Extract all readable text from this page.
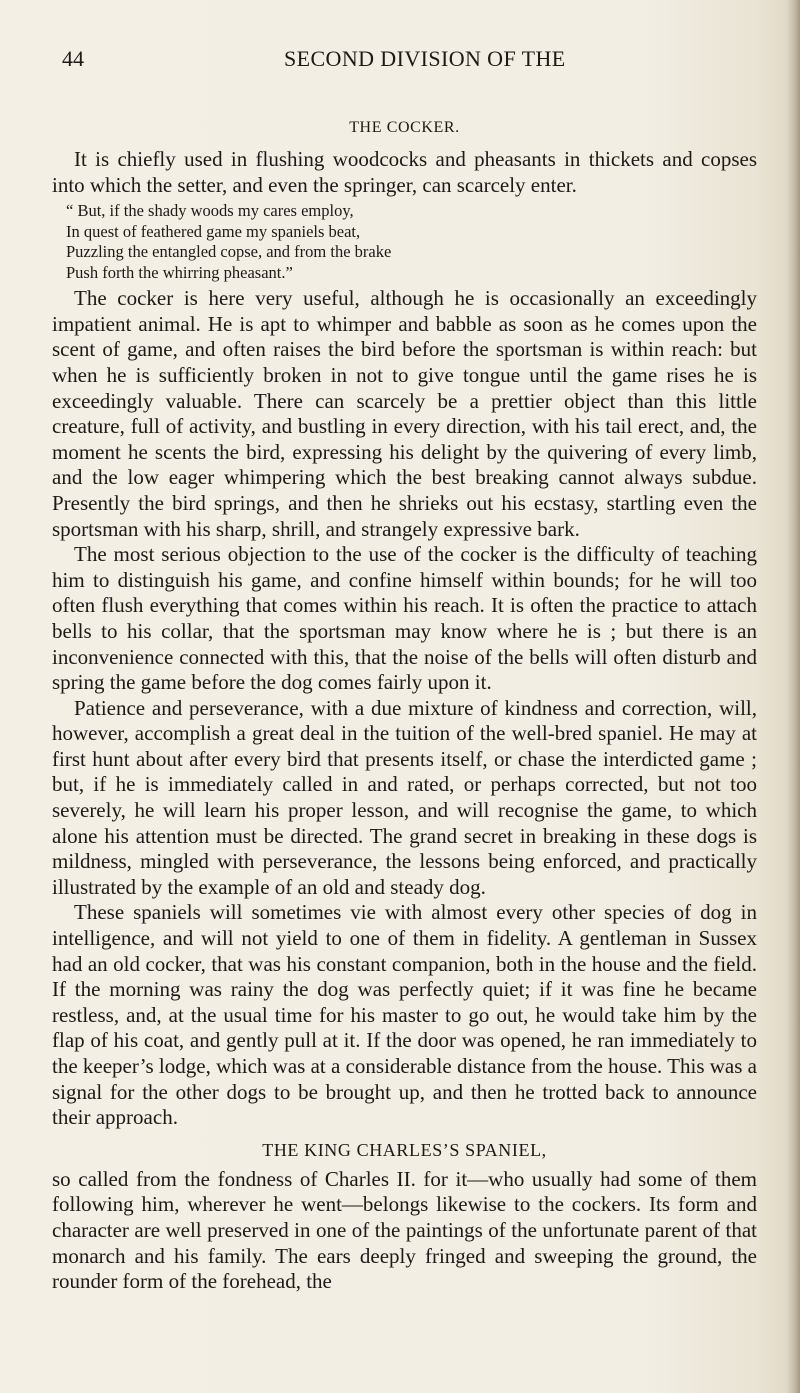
44	SECOND DIVISION OF THE
THE COCKER.

It is chiefly used in flushing woodcocks and pheasants in thickets and copses into which the setter, and even the springer, can scarcely enter.

“ But, if the shady woods my cares employ,
In quest of feathered game my spaniels beat,
Puzzling the entangled copse, and from the brake
Push forth the whirring pheasant.”

The cocker is here very useful, although he is occasionally an exceedingly impatient animal. He is apt to whimper and babble as soon as he comes upon the scent of game, and often raises the bird before the sportsman is within reach: but when he is sufficiently broken in not to give tongue until the game rises he is exceedingly valuable. There can scarcely be a prettier object than this little creature, full of activity, and bustling in every direction, with his tail erect, and, the moment he scents the bird, expressing his delight by the quivering of every limb, and the low eager whimpering which the best breaking cannot always subdue. Presently the bird springs, and then he shrieks out his ecstasy, startling even the sportsman with his sharp, shrill, and strangely expressive bark.

The most serious objection to the use of the cocker is the difficulty of teaching him to distinguish his game, and confine himself within bounds; for he will too often flush everything that comes within his reach. It is often the practice to attach bells to his collar, that the sportsman may know where he is ; but there is an inconvenience connected with this, that the noise of the bells will often disturb and spring the game before the dog comes fairly upon it.

Patience and perseverance, with a due mixture of kindness and correction, will, however, accomplish a great deal in the tuition of the well-bred spaniel. He may at first hunt about after every bird that presents itself, or chase the interdicted game ; but, if he is immediately called in and rated, or perhaps corrected, but not too severely, he will learn his proper lesson, and will recognise the game, to which alone his attention must be directed. The grand secret in breaking in these dogs is mildness, mingled with perseverance, the lessons being enforced, and practically illustrated by the example of an old and steady dog.

These spaniels will sometimes vie with almost every other species of dog in intelligence, and will not yield to one of them in fidelity. A gentleman in Sussex had an old cocker, that was his constant companion, both in the house and the field. If the morning was rainy the dog was perfectly quiet; if it was fine he became restless, and, at the usual time for his master to go out, he would take him by the flap of his coat, and gently pull at it. If the door was opened, he ran immediately to the keeper’s lodge, which was at a considerable distance from the house. This was a signal for the other dogs to be brought up, and then he trotted back to announce their approach.

THE KING CHARLES’S SPANIEL,

so called from the fondness of Charles II. for it—who usually had some of them following him, wherever he went—belongs likewise to the cockers. Its form and character are well preserved in one of the paintings of the unfortunate parent of that monarch and his family. The ears deeply fringed and sweeping the ground, the rounder form of the forehead, the
